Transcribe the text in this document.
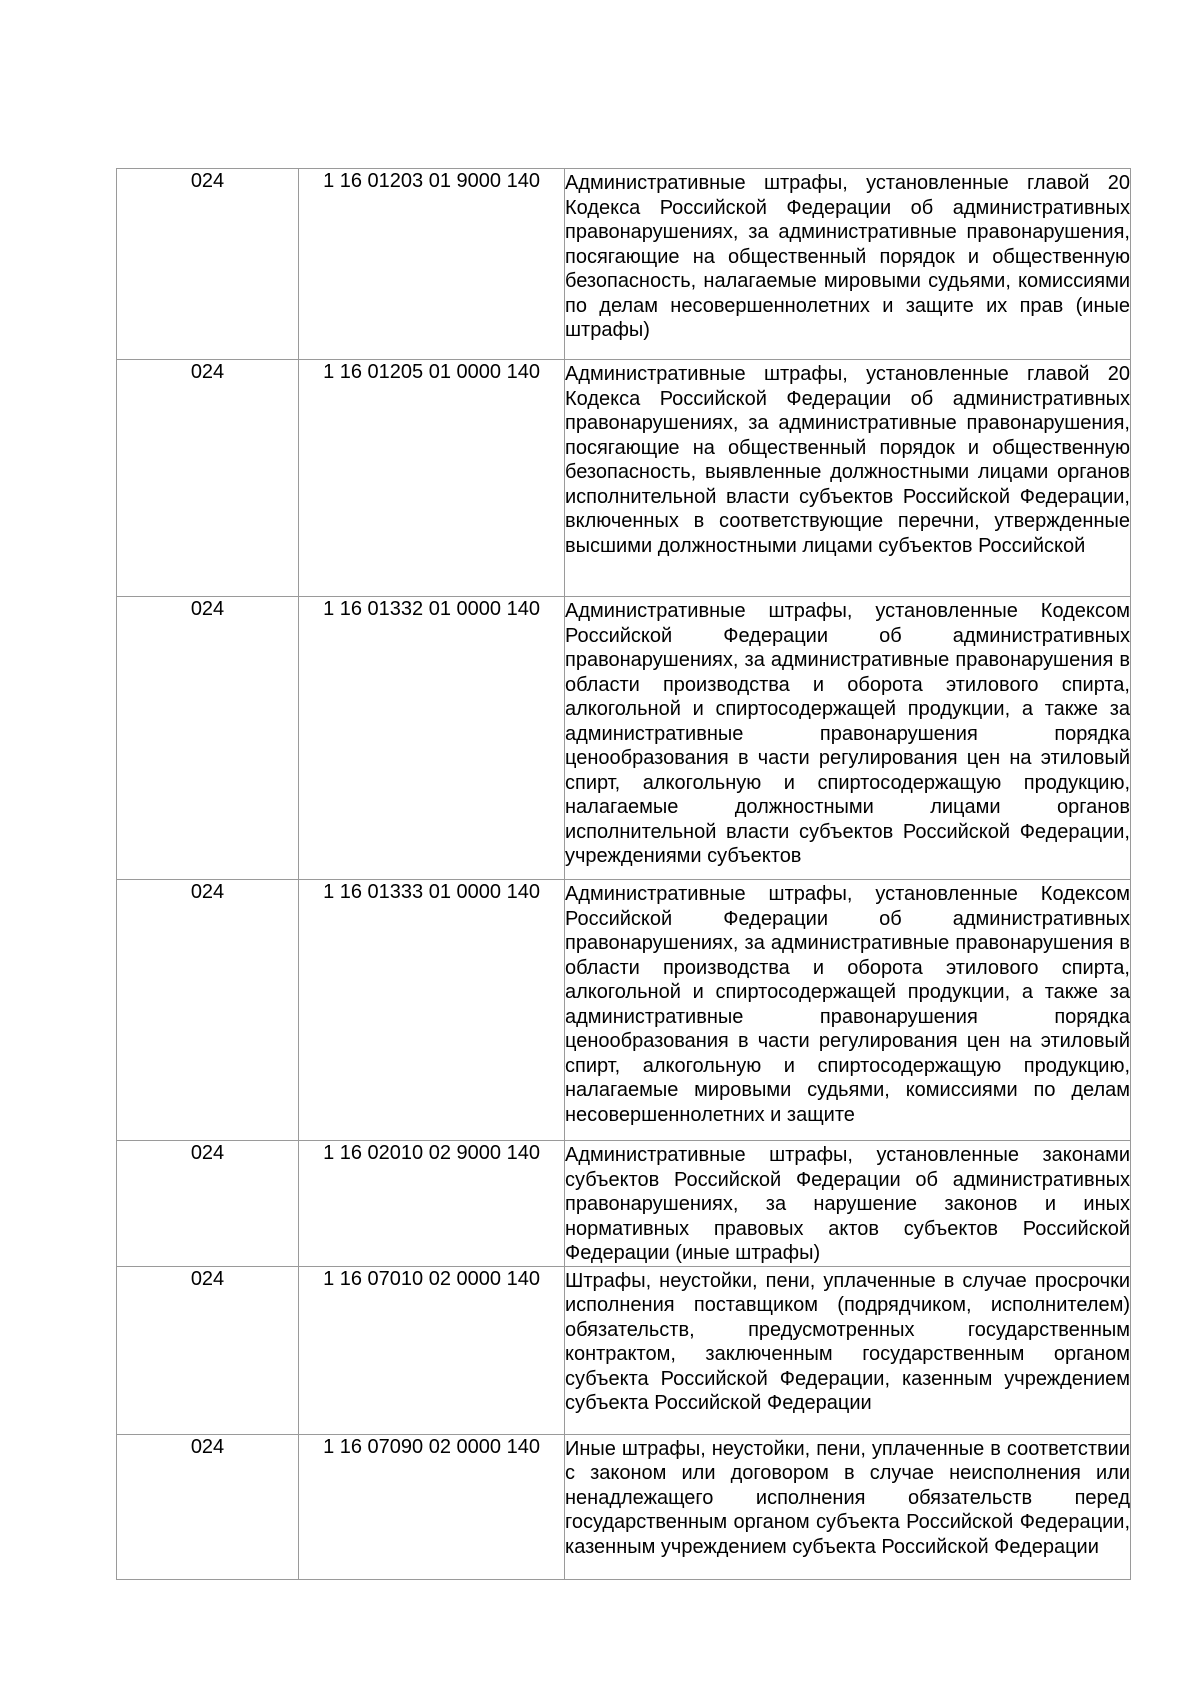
024	1 16 01203 01 9000 140	Административные штрафы, установленные главой 20 Кодекса Российской Федерации об административных правонарушениях, за административные правонарушения, посягающие на общественный порядок и общественную безопасность, налагаемые мировыми судьями, комиссиями по делам несовершеннолетних и защите их прав (иные штрафы)

024	1 16 01205 01 0000 140	Административные штрафы, установленные главой 20 Кодекса Российской Федерации об административных правонарушениях, за административные правонарушения, посягающие на общественный порядок и общественную безопасность, выявленные должностными лицами органов исполнительной власти субъектов Российской Федерации, включенных в соответствующие перечни, утвержденные высшими должностными лицами субъектов Российской

024	1 16 01332 01 0000 140	Административные штрафы, установленные Кодексом Российской Федерации об административных правонарушениях, за административные правонарушения в области производства и оборота этилового спирта, алкогольной и спиртосодержащей продукции, а также за административные правонарушения порядка ценообразования в части регулирования цен на этиловый спирт, алкогольную и спиртосодержащую продукцию, налагаемые должностными лицами органов исполнительной власти субъектов Российской Федерации, учреждениями субъектов

024	1 16 01333 01 0000 140	Административные штрафы, установленные Кодексом Российской Федерации об административных правонарушениях, за административные правонарушения в области производства и оборота этилового спирта, алкогольной и спиртосодержащей продукции, а также за административные правонарушения порядка ценообразования в части регулирования цен на этиловый спирт, алкогольную и спиртосодержащую продукцию, налагаемые мировыми судьями, комиссиями по делам несовершеннолетних и защите

024	1 16 02010 02 9000 140	Административные штрафы, установленные законами субъектов Российской Федерации об административных правонарушениях, за нарушение законов и иных нормативных правовых актов субъектов Российской Федерации (иные штрафы)

024	1 16 07010 02 0000 140	Штрафы, неустойки, пени, уплаченные в случае просрочки исполнения поставщиком (подрядчиком, исполнителем) обязательств, предусмотренных государственным контрактом, заключенным государственным органом субъекта Российской Федерации, казенным учреждением субъекта Российской Федерации

024	1 16 07090 02 0000 140	Иные штрафы, неустойки, пени, уплаченные в соответствии с законом или договором в случае неисполнения или ненадлежащего исполнения обязательств перед государственным органом субъекта Российской Федерации, казенным учреждением субъекта Российской Федерации
